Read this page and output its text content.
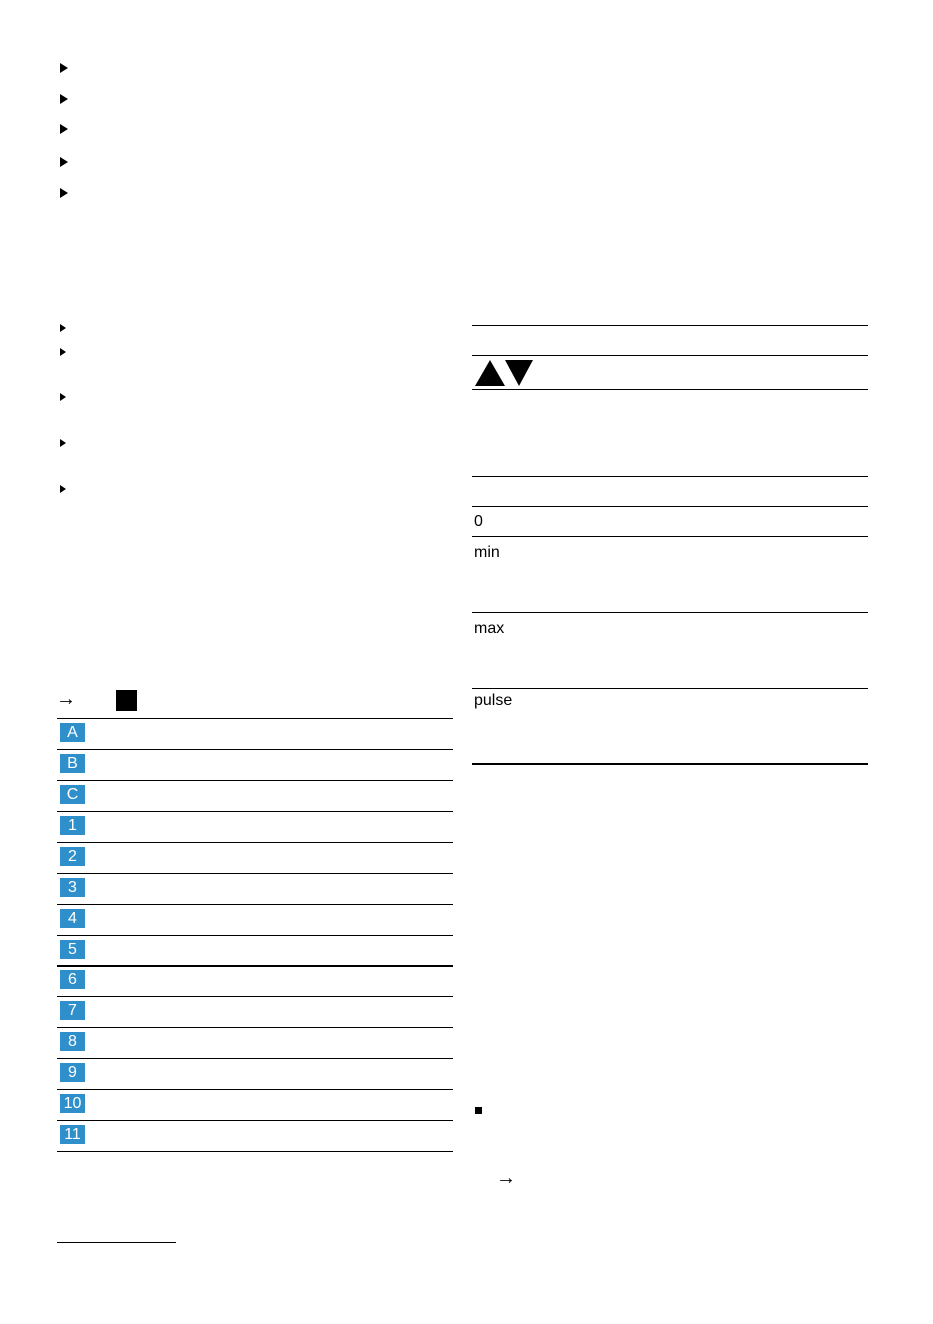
→
A
B
C
1
2
3
4
5
6
7
8
9
10
11
0
min
max
pulse
→
